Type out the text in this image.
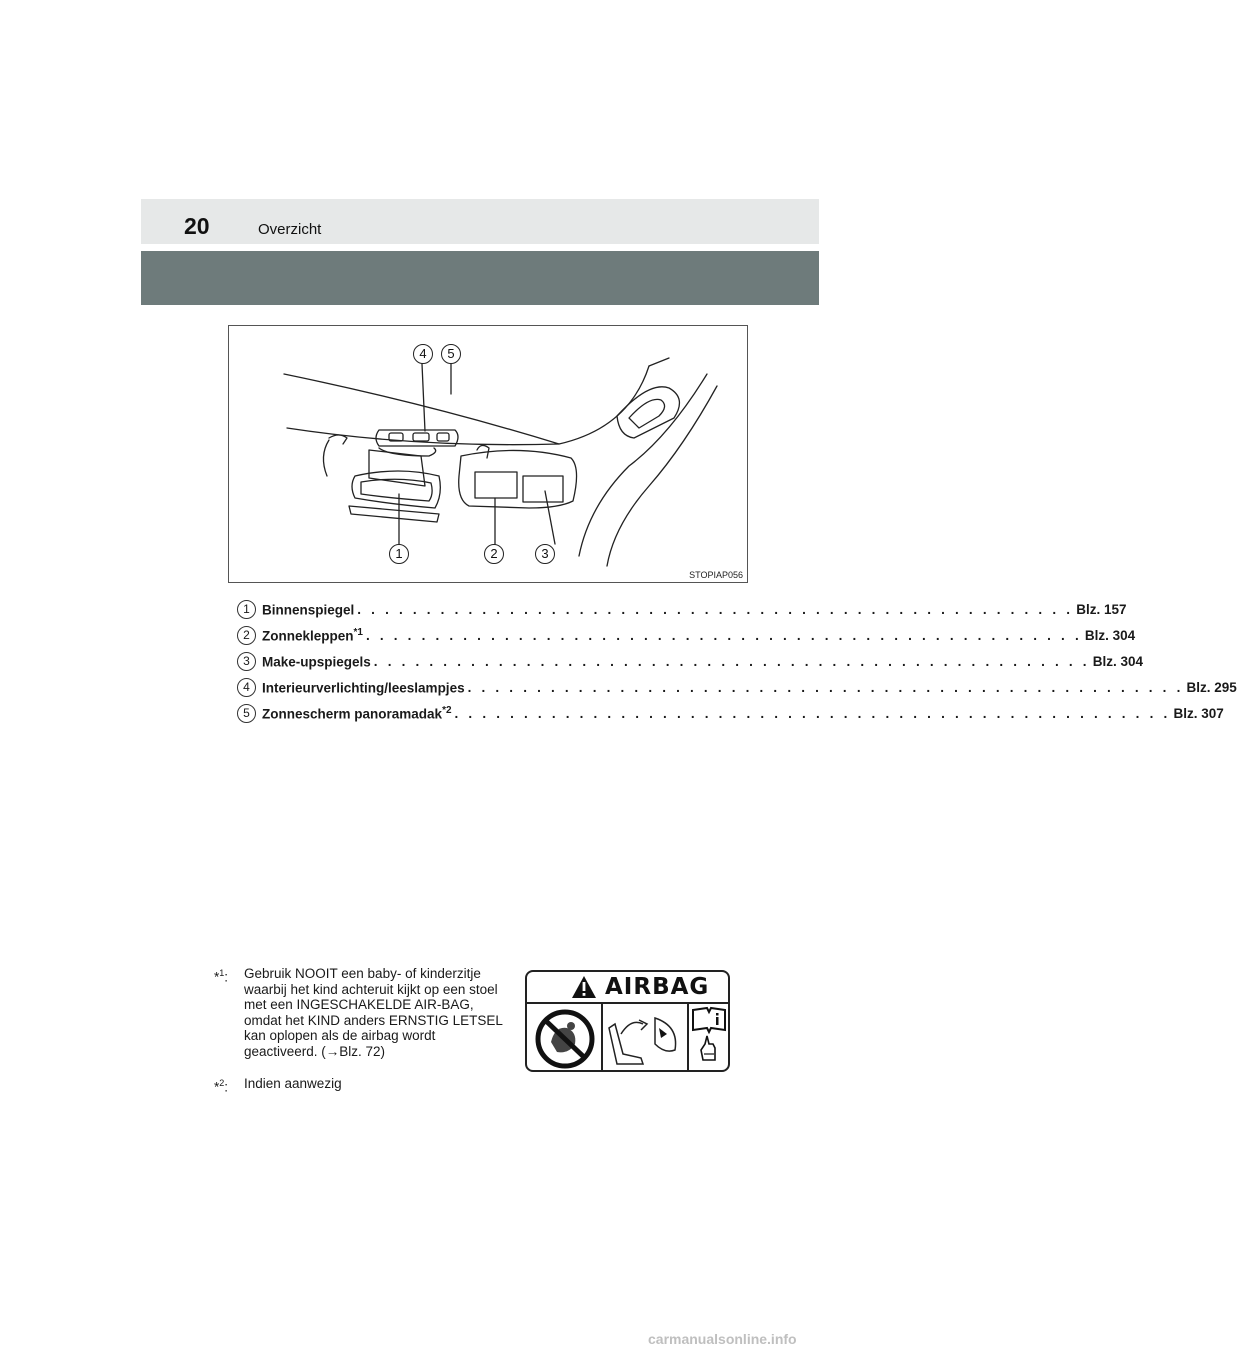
20	Overzicht
4	5
1	2	3
STOPIAP056
1 Binnenspiegel . . . . . . . . . . . . . . . . . . . . . . . . . . . . . . . . . . . . . . . . . . . . . . . . . . . . Blz. 157
2 Zonnekleppen$^{*1}$ . . . . . . . . . . . . . . . . . . . . . . . . . . . . . . . . . . . . . . . . . . . . . . . . . . . . Blz. 304
3 Make-upspiegels . . . . . . . . . . . . . . . . . . . . . . . . . . . . . . . . . . . . . . . . . . . . . . . . . . . . Blz. 304
4 Interieurverlichting/leeslampjes . . . . . . . . . . . . . . . . . . . . . . . . . . . . . . . . . . . . . . . . . . . . . . . . . . . . Blz. 295
5 Zonnescherm panoramadak$^{*2}$ . . . . . . . . . . . . . . . . . . . . . . . . . . . . . . . . . . . . . . . . . . . . . . . . . . . . Blz. 307
*$^1$:	Gebruik NOOIT een baby- of kinderzitje waarbij het kind achteruit kijkt op een stoel met een INGESCHAKELDE AIR-BAG, omdat het KIND anders ERNSTIG LETSEL kan oplopen als de airbag wordt geactiveerd. (→Blz. 72)
*$^2$:	Indien aanwezig
AIRBAG
carmanualsonline.info
